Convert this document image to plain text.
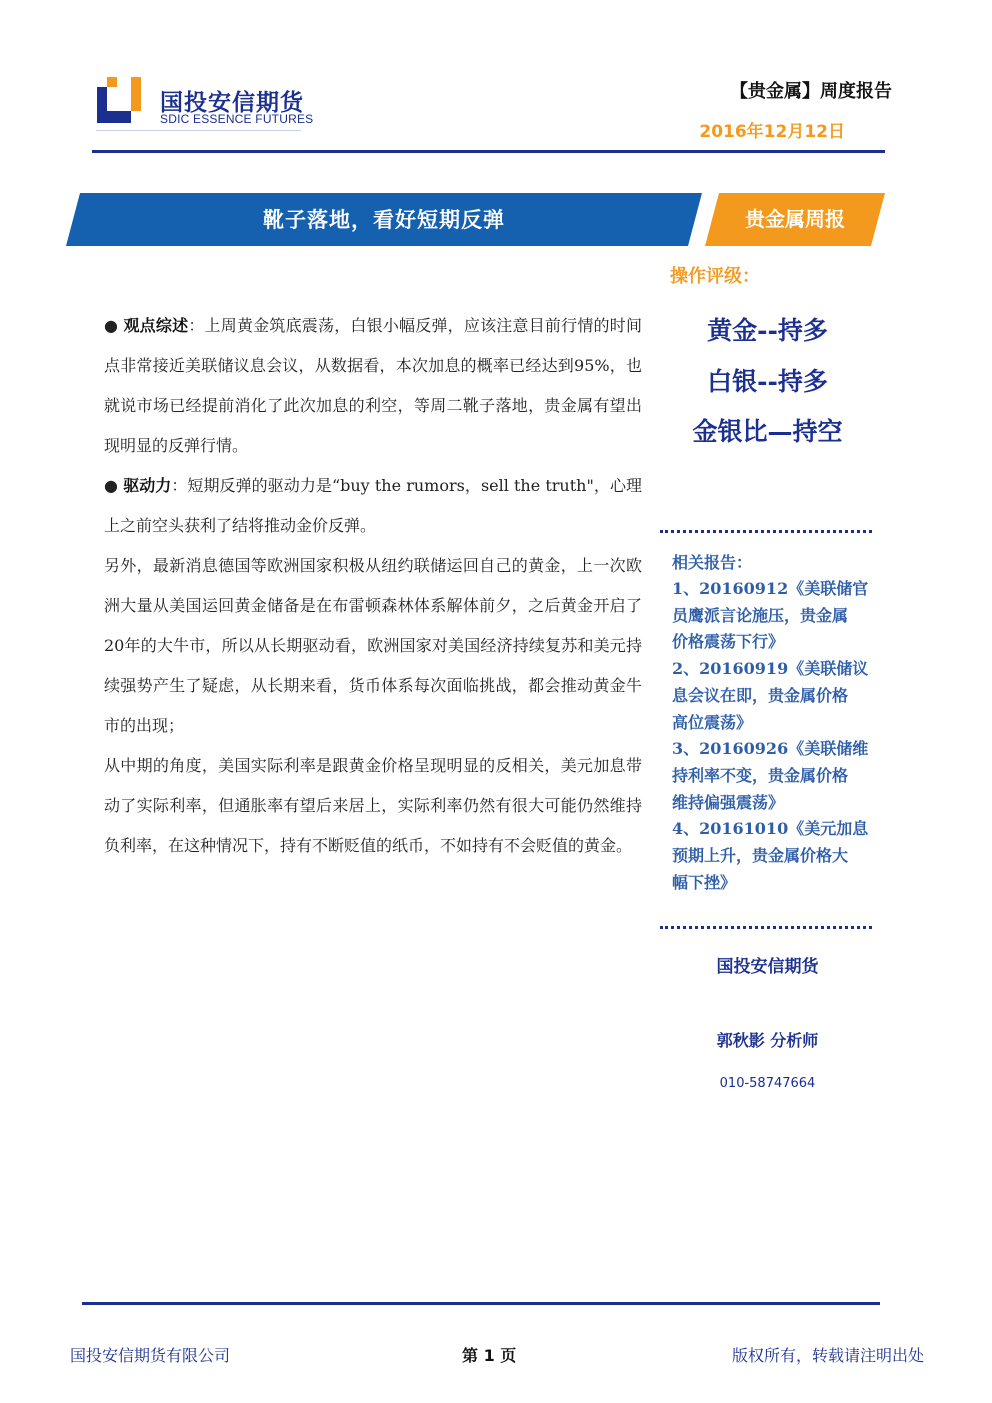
国投安信期货
SDIC ESSENCE FUTURES
【贵金属】周度报告
2016年12月12日
靴子落地，看好短期反弹	贵金属周报

● 观点综述：上周黄金筑底震荡，白银小幅反弹，应该注意目前行情的时间点非常接近美联储议息会议，从数据看，本次加息的概率已经达到95%，也就说市场已经提前消化了此次加息的利空，等周二靴子落地，贵金属有望出现明显的反弹行情。

● 驱动力：短期反弹的驱动力是“buy the rumors，sell the truth"，心理上之前空头获利了结将推动金价反弹。

另外，最新消息德国等欧洲国家积极从纽约联储运回自己的黄金，上一次欧洲大量从美国运回黄金储备是在布雷顿森林体系解体前夕，之后黄金开启了20年的大牛市，所以从长期驱动看，欧洲国家对美国经济持续复苏和美元持续强势产生了疑虑，从长期来看，货币体系每次面临挑战，都会推动黄金牛市的出现；

从中期的角度，美国实际利率是跟黄金价格呈现明显的反相关，美元加息带动了实际利率，但通胀率有望后来居上，实际利率仍然有很大可能仍然维持负利率，在这种情况下，持有不断贬值的纸币，不如持有不会贬值的黄金。

操作评级：
黄金--持多
白银--持多
金银比—持空
相关报告：
1、20160912《美联储官
员鹰派言论施压，贵金属
价格震荡下行》
2、20160919《美联储议
息会议在即，贵金属价格
高位震荡》
3、20160926《美联储维
持利率不变，贵金属价格
维持偏强震荡》
4、20161010《美元加息
预期上升，贵金属价格大
幅下挫》
国投安信期货
郭秋影 分析师
010-58747664
国投安信期货有限公司	第 1 页	版权所有，转载请注明出处
